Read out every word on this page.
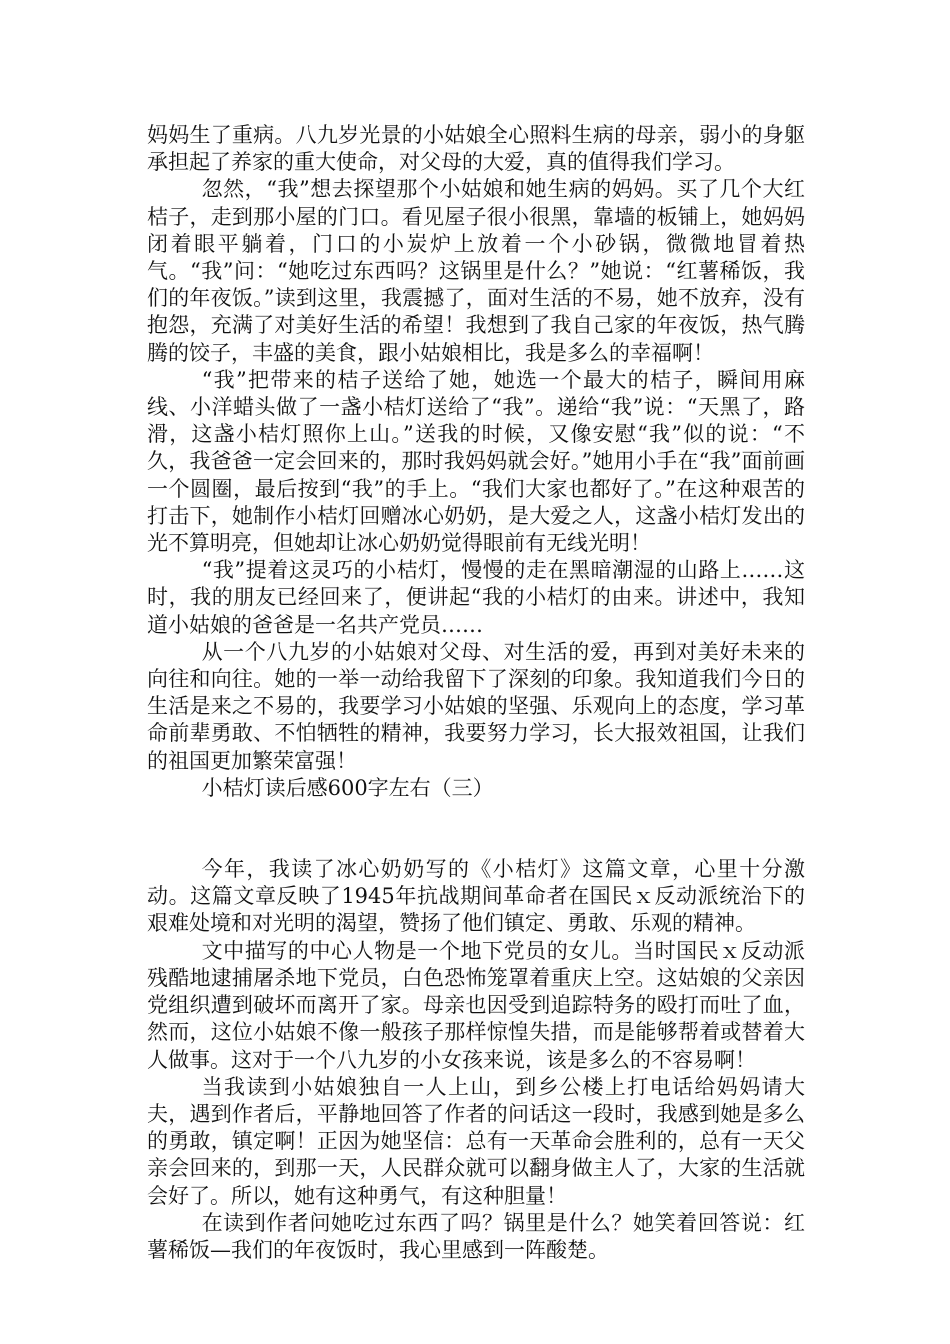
妈妈生了重病。八九岁光景的小姑娘全心照料生病的母亲，弱小的身躯承担起了养家的重大使命，对父母的大爱，真的值得我们学习。

忽然，“我”想去探望那个小姑娘和她生病的妈妈。买了几个大红桔子，走到那小屋的门口。看见屋子很小很黑，靠墙的板铺上，她妈妈闭着眼平躺着，门口的小炭炉上放着一个小砂锅，微微地冒着热气。“我”问：“她吃过东西吗？这锅里是什么？”她说：“红薯稀饭，我们的年夜饭。”读到这里，我震撼了，面对生活的不易，她不放弃，没有抱怨，充满了对美好生活的希望！我想到了我自己家的年夜饭，热气腾腾的饺子，丰盛的美食，跟小姑娘相比，我是多么的幸福啊！

“我”把带来的桔子送给了她，她选一个最大的桔子，瞬间用麻线、小洋蜡头做了一盏小桔灯送给了“我”。递给“我”说：“天黑了，路滑，这盏小桔灯照你上山。”送我的时候，又像安慰“我”似的说：“不久，我爸爸一定会回来的，那时我妈妈就会好。”她用小手在“我”面前画一个圆圈，最后按到“我”的手上。“我们大家也都好了。”在这种艰苦的打击下，她制作小桔灯回赠冰心奶奶，是大爱之人，这盏小桔灯发出的光不算明亮，但她却让冰心奶奶觉得眼前有无线光明！

“我”提着这灵巧的小桔灯，慢慢的走在黑暗潮湿的山路上……这时，我的朋友已经回来了，便讲起“我的小桔灯的由来。讲述中，我知道小姑娘的爸爸是一名共产党员……

从一个八九岁的小姑娘对父母、对生活的爱，再到对美好未来的向往和向往。她的一举一动给我留下了深刻的印象。我知道我们今日的生活是来之不易的，我要学习小姑娘的坚强、乐观向上的态度，学习革命前辈勇敢、不怕牺牲的精神，我要努力学习，长大报效祖国，让我们的祖国更加繁荣富强！

小桔灯读后感600字左右（三）

今年，我读了冰心奶奶写的《小桔灯》这篇文章，心里十分激动。这篇文章反映了1945年抗战期间革命者在国民ｘ反动派统治下的艰难处境和对光明的渴望，赞扬了他们镇定、勇敢、乐观的精神。

文中描写的中心人物是一个地下党员的女儿。当时国民ｘ反动派残酷地逮捕屠杀地下党员，白色恐怖笼罩着重庆上空。这姑娘的父亲因党组织遭到破坏而离开了家。母亲也因受到追踪特务的殴打而吐了血，然而，这位小姑娘不像一般孩子那样惊惶失措，而是能够帮着或替着大人做事。这对于一个八九岁的小女孩来说，该是多么的不容易啊！

当我读到小姑娘独自一人上山，到乡公楼上打电话给妈妈请大夫，遇到作者后，平静地回答了作者的问话这一段时，我感到她是多么的勇敢，镇定啊！正因为她坚信：总有一天革命会胜利的，总有一天父亲会回来的，到那一天，人民群众就可以翻身做主人了，大家的生活就会好了。所以，她有这种勇气，有这种胆量！

在读到作者问她吃过东西了吗？锅里是什么？她笑着回答说：红薯稀饭—我们的年夜饭时，我心里感到一阵酸楚。
